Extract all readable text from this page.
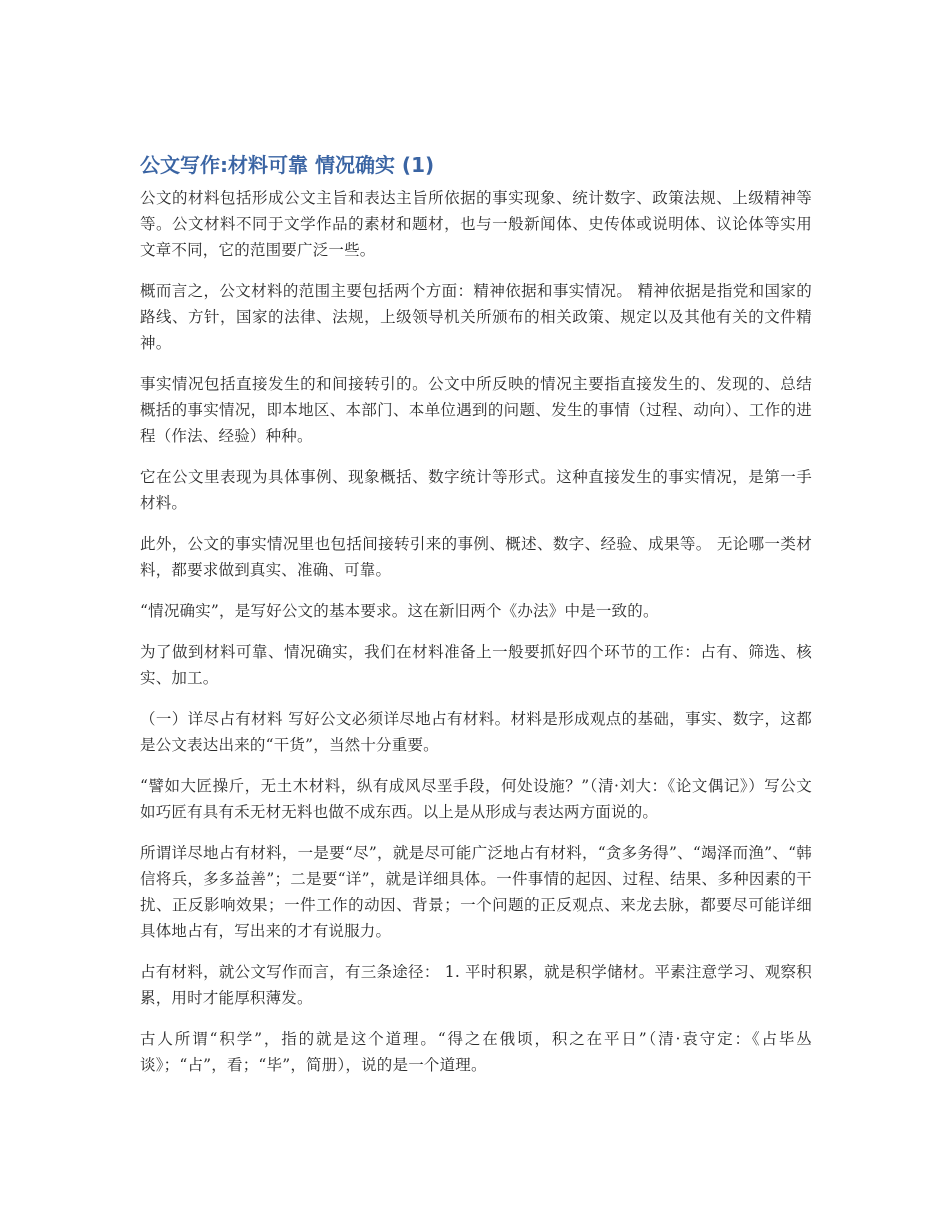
公文写作:材料可靠 情况确实 (1)

公文的材料包括形成公文主旨和表达主旨所依据的事实现象、统计数字、政策法规、上级精神等等。公文材料不同于文学作品的素材和题材，也与一般新闻体、史传体或说明体、议论体等实用文章不同，它的范围要广泛一些。

概而言之，公文材料的范围主要包括两个方面：精神依据和事实情况。 精神依据是指党和国家的路线、方针，国家的法律、法规，上级领导机关所颁布的相关政策、规定以及其他有关的文件精神。

事实情况包括直接发生的和间接转引的。公文中所反映的情况主要指直接发生的、发现的、总结概括的事实情况，即本地区、本部门、本单位遇到的问题、发生的事情（过程、动向）、工作的进程（作法、经验）种种。

它在公文里表现为具体事例、现象概括、数字统计等形式。这种直接发生的事实情况，是第一手材料。

此外，公文的事实情况里也包括间接转引来的事例、概述、数字、经验、成果等。 无论哪一类材料，都要求做到真实、准确、可靠。

“情况确实”，是写好公文的基本要求。这在新旧两个《办法》中是一致的。

为了做到材料可靠、情况确实，我们在材料准备上一般要抓好四个环节的工作：占有、筛选、核实、加工。

（一）详尽占有材料 写好公文必须详尽地占有材料。材料是形成观点的基础，事实、数字，这都是公文表达出来的“干货”，当然十分重要。

“譬如大匠操斤，无土木材料，纵有成风尽垩手段，何处设施？”（清·刘大：《论文偶记》）写公文如巧匠有具有禾无材无料也做不成东西。以上是从形成与表达两方面说的。

所谓详尽地占有材料，一是要“尽”，就是尽可能广泛地占有材料，“贪多务得”、“竭泽而渔”、“韩信将兵，多多益善”；二是要“详”，就是详细具体。一件事情的起因、过程、结果、多种因素的干扰、正反影响效果；一件工作的动因、背景；一个问题的正反观点、来龙去脉，都要尽可能详细具体地占有，写出来的才有说服力。

占有材料，就公文写作而言，有三条途径： 1. 平时积累，就是积学储材。平素注意学习、观察积累，用时才能厚积薄发。

古人所谓“积学”，指的就是这个道理。“得之在俄顷，积之在平日”（清·袁守定：《占毕丛谈》；“占”，看；“毕”，简册），说的是一个道理。
